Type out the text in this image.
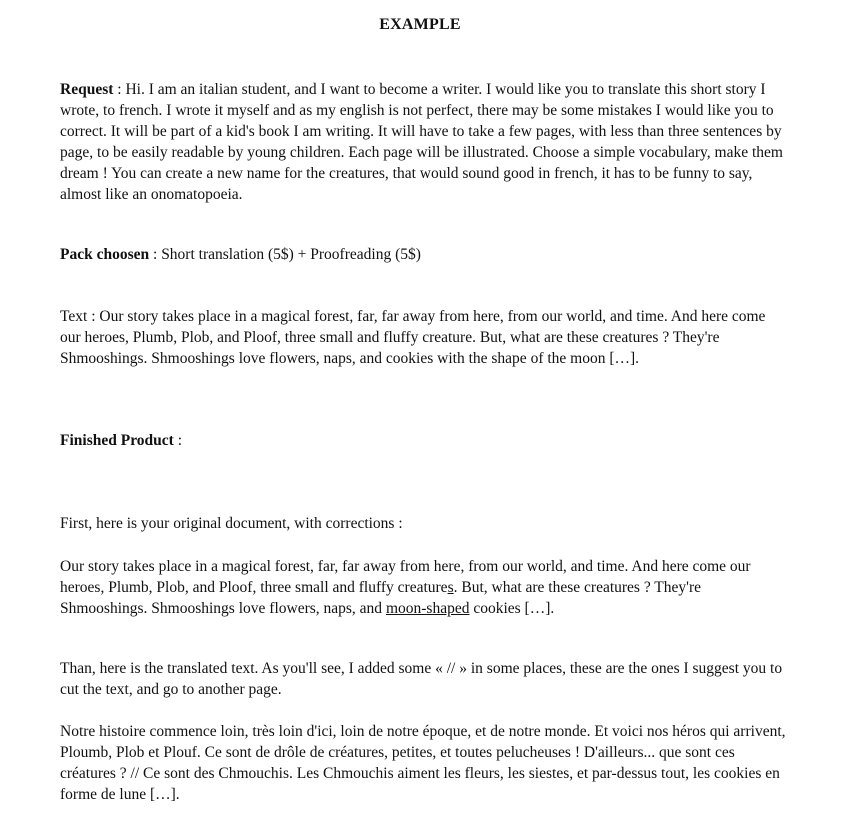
EXAMPLE

Request : Hi. I am an italian student, and I want to become a writer. I would like you to translate this short story I wrote, to french. I wrote it myself and as my english is not perfect, there may be some mistakes I would like you to correct. It will be part of a kid's book I am writing. It will have to take a few pages, with less than three sentences by page, to be easily readable by young children. Each page will be illustrated. Choose a simple vocabulary, make them dream ! You can create a new name for the creatures, that would sound good in french, it has to be funny to say, almost like an onomatopoeia.

Pack choosen : Short translation (5$) + Proofreading (5$)

Text : Our story takes place in a magical forest, far, far away from here, from our world, and time. And here come our heroes, Plumb, Plob, and Ploof, three small and fluffy creature. But, what are these creatures ? They're Shmooshings. Shmooshings love flowers, naps, and cookies with the shape of the moon […].

Finished Product :

First, here is your original document, with corrections :

Our story takes place in a magical forest, far, far away from here, from our world, and time. And here come our heroes, Plumb, Plob, and Ploof, three small and fluffy creatures. But, what are these creatures ? They're Shmooshings. Shmooshings love flowers, naps, and moon-shaped cookies […].

Than, here is the translated text. As you'll see, I added some « // » in some places, these are the ones I suggest you to cut the text, and go to another page.

Notre histoire commence loin, très loin d'ici, loin de notre époque, et de notre monde. Et voici nos héros qui arrivent, Ploumb, Plob et Plouf. Ce sont de drôle de créatures, petites, et toutes pelucheuses ! D'ailleurs... que sont ces créatures ? // Ce sont des Chmouchis. Les Chmouchis aiment les fleurs, les siestes, et par-dessus tout, les cookies en forme de lune […].
